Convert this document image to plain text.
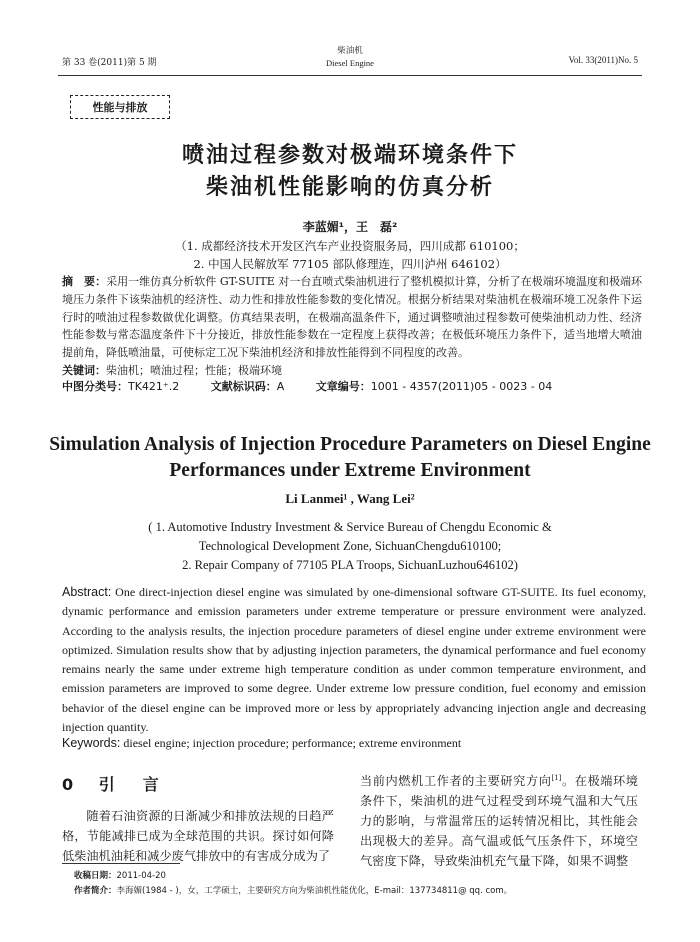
第 33 卷(2011)第 5 期
柴油机
Diesel Engine	Vol. 33(2011)No. 5
性能与排放
喷油过程参数对极端环境条件下
柴油机性能影响的仿真分析
李蓝媚¹，王　磊²
（1. 成都经济技术开发区汽车产业投资服务局，四川成都 610100；
2. 中国人民解放军 77105 部队修理连，四川泸州 646102）
摘　要：采用一维仿真分析软件 GT-SUITE 对一台直喷式柴油机进行了整机模拟计算，分析了在极端环境温度和极端环境压力条件下该柴油机的经济性、动力性和排放性能参数的变化情况。根据分析结果对柴油机在极端环境工况条件下运行时的喷油过程参数做优化调整。仿真结果表明，在极端高温条件下，通过调整喷油过程参数可使柴油机动力性、经济性能参数与常态温度条件下十分接近，排放性能参数在一定程度上获得改善；在极低环境压力条件下，适当地增大喷油提前角，降低喷油量，可使标定工况下柴油机经济和排放性能得到不同程度的改善。
关键词：柴油机；喷油过程；性能；极端环境
中图分类号：TK421⁺.2	文献标识码：A	文章编号：1001 - 4357(2011)05 - 0023 - 04
Simulation Analysis of Injection Procedure Parameters on Diesel Engine
Performances under Extreme Environment
Li Lanmei¹ , Wang Lei²
( 1. Automotive Industry Investment & Service Bureau of Chengdu Economic &
Technological Development Zone, SichuanChengdu610100;
2. Repair Company of 77105 PLA Troops, SichuanLuzhou646102)
Abstract: One direct-injection diesel engine was simulated by one-dimensional software GT-SUITE. Its fuel economy, dynamic performance and emission parameters under extreme temperature or pressure environment were analyzed. According to the analysis results, the injection procedure parameters of diesel engine under extreme environment were optimized. Simulation results show that by adjusting injection parameters, the dynamical performance and fuel economy remains nearly the same under extreme high temperature condition as under common temperature environment, and emission parameters are improved to some degree. Under extreme low pressure condition, fuel economy and emission behavior of the diesel engine can be improved more or less by appropriately advancing injection angle and decreasing injection quantity.
Keywords: diesel engine; injection procedure; performance; extreme environment
0 引　言
随着石油资源的日渐减少和排放法规的日趋严格，节能减排已成为全球范围的共识。探讨如何降低柴油机油耗和减少废气排放中的有害成分成为了
当前内燃机工作者的主要研究方向[1]。在极端环境条件下，柴油机的进气过程受到环境气温和大气压力的影响，与常温常压的运转情况相比，其性能会出现极大的差异。高气温或低气压条件下，环境空气密度下降，导致柴油机充气量下降，如果不调整
收稿日期：2011-04-20
作者简介：李海媚(1984 - )，女，工学硕士，主要研究方向为柴油机性能优化，E-mail：137734811@ qq. com。
